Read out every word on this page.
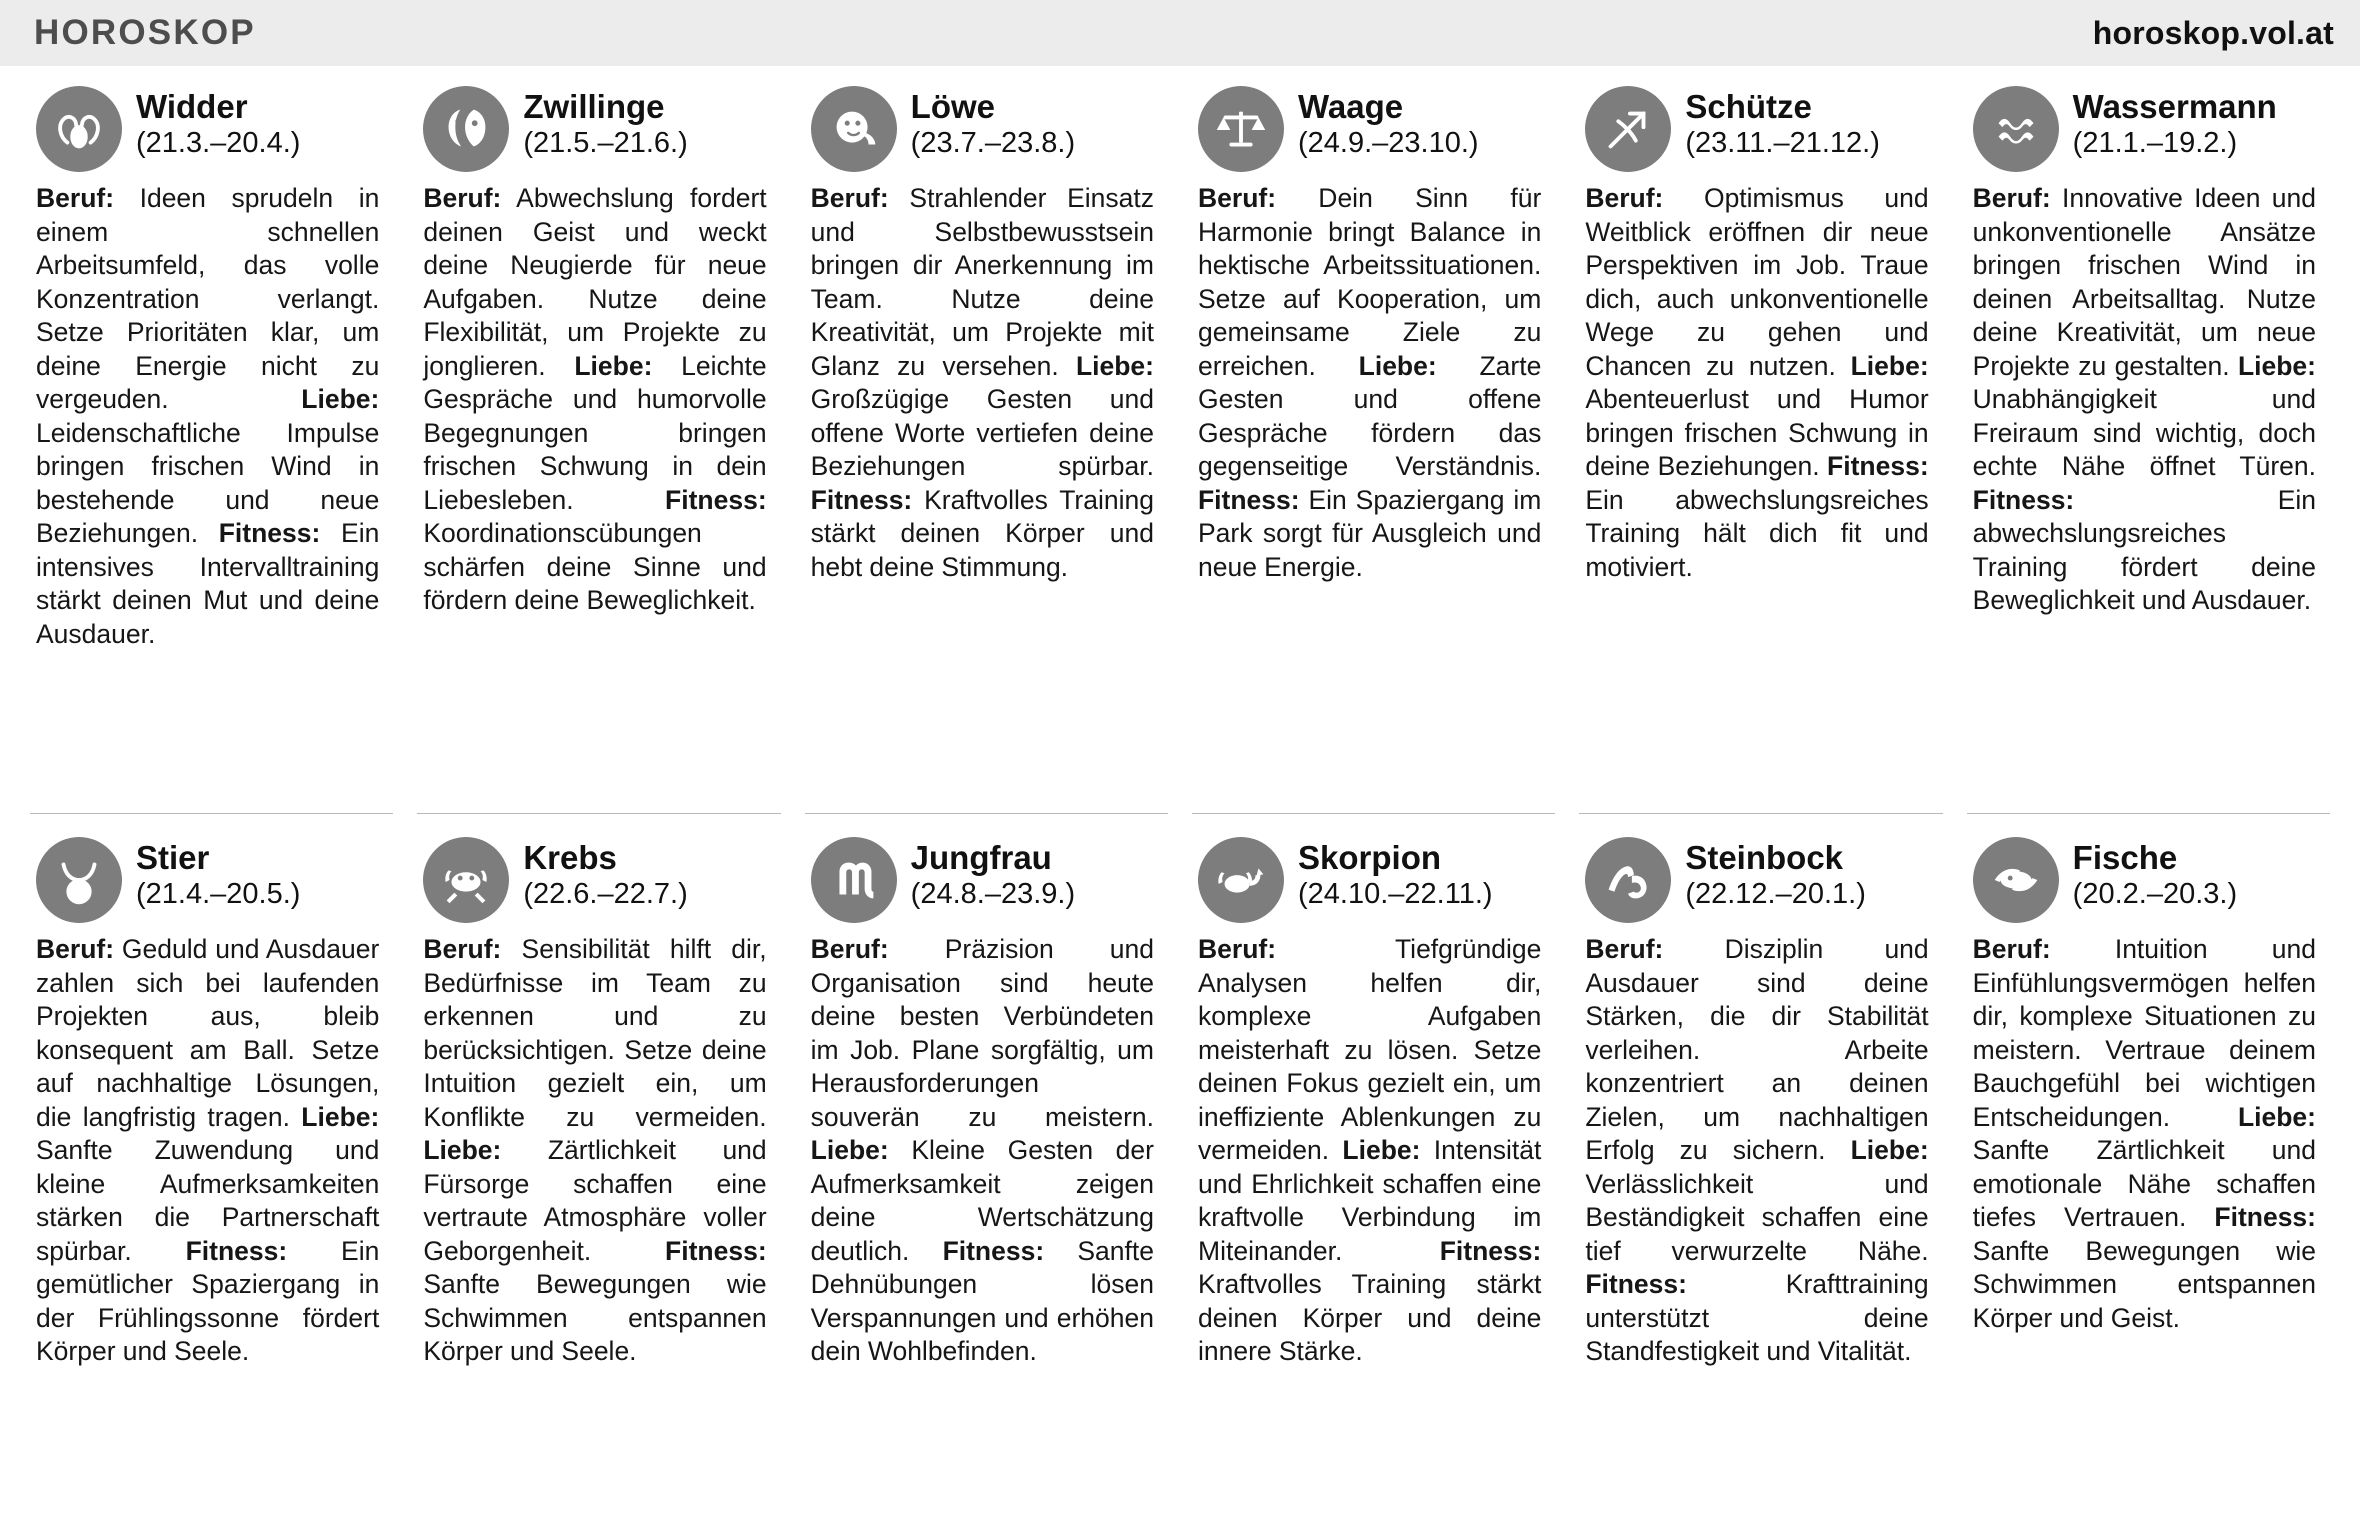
HOROSKOP	horoskop.vol.at
Widder
(21.3.–20.4.)
Beruf: Ideen sprudeln in einem schnellen Arbeitsumfeld, das volle Konzentration verlangt. Setze Prioritäten klar, um deine Energie nicht zu vergeuden. Liebe: Leidenschaftliche Impulse bringen frischen Wind in bestehende und neue Beziehungen. Fitness: Ein intensives Intervalltraining stärkt deinen Mut und deine Ausdauer.
Zwillinge
(21.5.–21.6.)
Beruf: Abwechslung fordert deinen Geist und weckt deine Neugierde für neue Aufgaben. Nutze deine Flexibilität, um Projekte zu jonglieren. Liebe: Leichte Gespräche und humorvolle Begegnungen bringen frischen Schwung in dein Liebesleben. Fitness: Koordinationscübungen schärfen deine Sinne und fördern deine Beweglichkeit.
Löwe
(23.7.–23.8.)
Beruf: Strahlender Einsatz und Selbstbewusstsein bringen dir Anerkennung im Team. Nutze deine Kreativität, um Projekte mit Glanz zu versehen. Liebe: Großzügige Gesten und offene Worte vertiefen deine Beziehungen spürbar. Fitness: Kraftvolles Training stärkt deinen Körper und hebt deine Stimmung.
Waage
(24.9.–23.10.)
Beruf: Dein Sinn für Harmonie bringt Balance in hektische Arbeitssituationen. Setze auf Kooperation, um gemeinsame Ziele zu erreichen. Liebe: Zarte Gesten und offene Gespräche fördern das gegenseitige Verständnis. Fitness: Ein Spaziergang im Park sorgt für Ausgleich und neue Energie.
Schütze
(23.11.–21.12.)
Beruf: Optimismus und Weitblick eröffnen dir neue Perspektiven im Job. Traue dich, auch unkonventionelle Wege zu gehen und Chancen zu nutzen. Liebe: Abenteuerlust und Humor bringen frischen Schwung in deine Beziehungen. Fitness: Ein abwechslungsreiches Training hält dich fit und motiviert.
Wassermann
(21.1.–19.2.)
Beruf: Innovative Ideen und unkonventionelle Ansätze bringen frischen Wind in deinen Arbeitsalltag. Nutze deine Kreativität, um neue Projekte zu gestalten. Liebe: Unabhängigkeit und Freiraum sind wichtig, doch echte Nähe öffnet Türen. Fitness: Ein abwechslungsreiches Training fördert deine Beweglichkeit und Ausdauer.
Stier
(21.4.–20.5.)
Beruf: Geduld und Ausdauer zahlen sich bei laufenden Projekten aus, bleib konsequent am Ball. Setze auf nachhaltige Lösungen, die langfristig tragen. Liebe: Sanfte Zuwendung und kleine Aufmerksamkeiten stärken die Partnerschaft spürbar. Fitness: Ein gemütlicher Spaziergang in der Frühlingssonne fördert Körper und Seele.
Krebs
(22.6.–22.7.)
Beruf: Sensibilität hilft dir, Bedürfnisse im Team zu erkennen und zu berücksichtigen. Setze deine Intuition gezielt ein, um Konflikte zu vermeiden. Liebe: Zärtlichkeit und Fürsorge schaffen eine vertraute Atmosphäre voller Geborgenheit. Fitness: Sanfte Bewegungen wie Schwimmen entspannen Körper und Seele.
Jungfrau
(24.8.–23.9.)
Beruf: Präzision und Organisation sind heute deine besten Verbündeten im Job. Plane sorgfältig, um Herausforderungen souverän zu meistern. Liebe: Kleine Gesten der Aufmerksamkeit zeigen deine Wertschätzung deutlich. Fitness: Sanfte Dehnübungen lösen Verspannungen und erhöhen dein Wohlbefinden.
Skorpion
(24.10.–22.11.)
Beruf: Tiefgründige Analysen helfen dir, komplexe Aufgaben meisterhaft zu lösen. Setze deinen Fokus gezielt ein, um ineffiziente Ablenkungen zu vermeiden. Liebe: Intensität und Ehrlichkeit schaffen eine kraftvolle Verbindung im Miteinander. Fitness: Kraftvolles Training stärkt deinen Körper und deine innere Stärke.
Steinbock
(22.12.–20.1.)
Beruf: Disziplin und Ausdauer sind deine Stärken, die dir Stabilität verleihen. Arbeite konzentriert an deinen Zielen, um nachhaltigen Erfolg zu sichern. Liebe: Verlässlichkeit und Beständigkeit schaffen eine tief verwurzelte Nähe. Fitness: Krafttraining unterstützt deine Standfestigkeit und Vitalität.
Fische
(20.2.–20.3.)
Beruf: Intuition und Einfühlungsvermögen helfen dir, komplexe Situationen zu meistern. Vertraue deinem Bauchgefühl bei wichtigen Entscheidungen. Liebe: Sanfte Zärtlichkeit und emotionale Nähe schaffen tiefes Vertrauen. Fitness: Sanfte Bewegungen wie Schwimmen entspannen Körper und Geist.
